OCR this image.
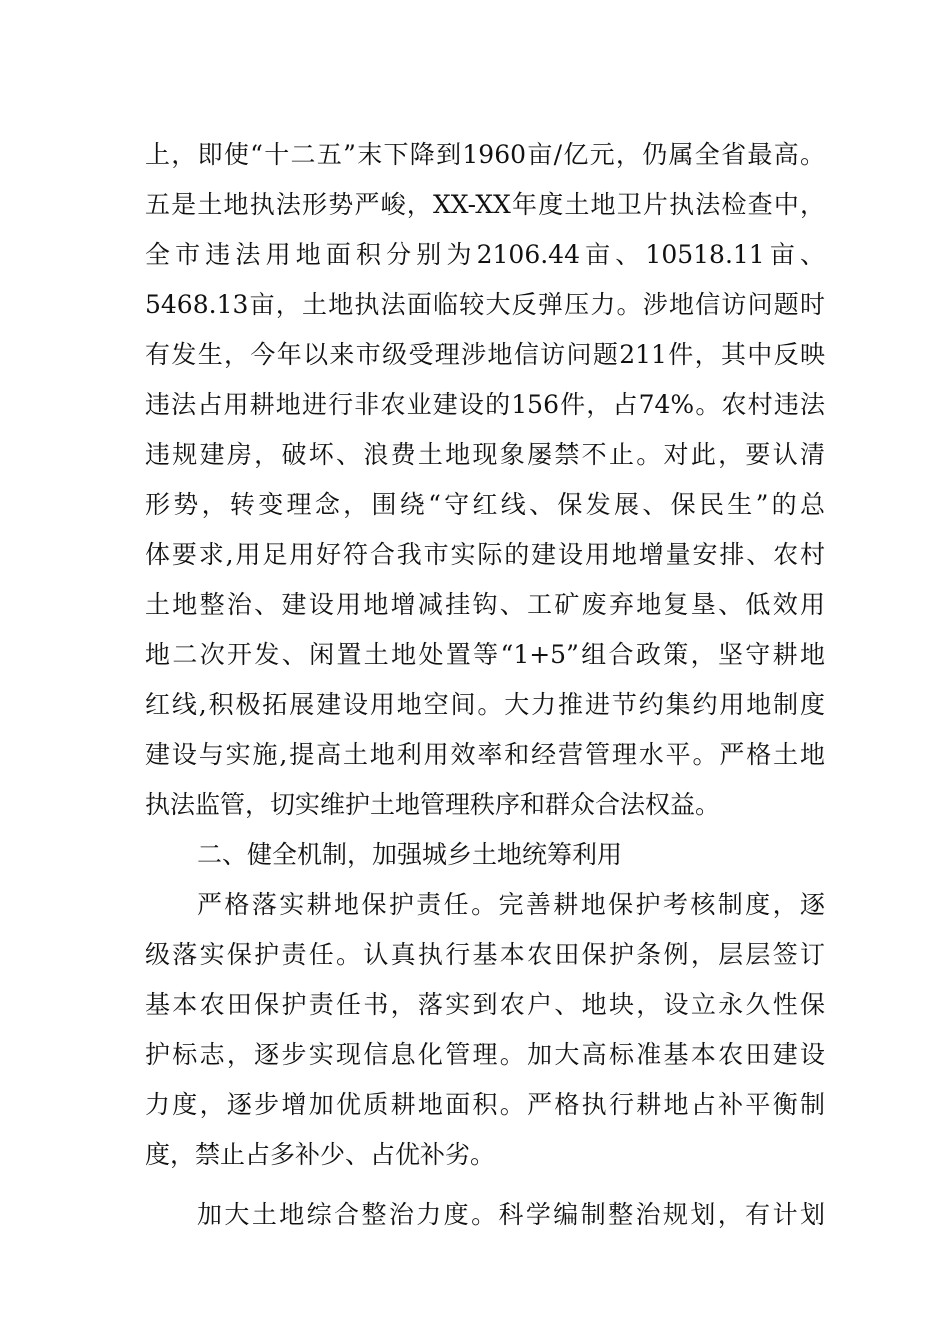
上，即使“十二五”末下降到1960亩/亿元，仍属全省最高。
五是土地执法形势严峻，XX-XX年度土地卫片执法检查中，
全市违法用地面积分别为2106.44亩、10518.11亩、
5468.13亩，土地执法面临较大反弹压力。涉地信访问题时
有发生，今年以来市级受理涉地信访问题211件，其中反映
违法占用耕地进行非农业建设的156件，占74%。农村违法
违规建房，破坏、浪费土地现象屡禁不止。对此，要认清
形势，转变理念，围绕“守红线、保发展、保民生”的总
体要求,用足用好符合我市实际的建设用地增量安排、农村
土地整治、建设用地增减挂钩、工矿废弃地复垦、低效用
地二次开发、闲置土地处置等“1+5”组合政策，坚守耕地
红线,积极拓展建设用地空间。大力推进节约集约用地制度
建设与实施,提高土地利用效率和经营管理水平。严格土地
执法监管，切实维护土地管理秩序和群众合法权益。
二、健全机制，加强城乡土地统筹利用
严格落实耕地保护责任。完善耕地保护考核制度，逐
级落实保护责任。认真执行基本农田保护条例，层层签订
基本农田保护责任书，落实到农户、地块，设立永久性保
护标志，逐步实现信息化管理。加大高标准基本农田建设
力度，逐步增加优质耕地面积。严格执行耕地占补平衡制
度，禁止占多补少、占优补劣。
加大土地综合整治力度。科学编制整治规划，有计划
